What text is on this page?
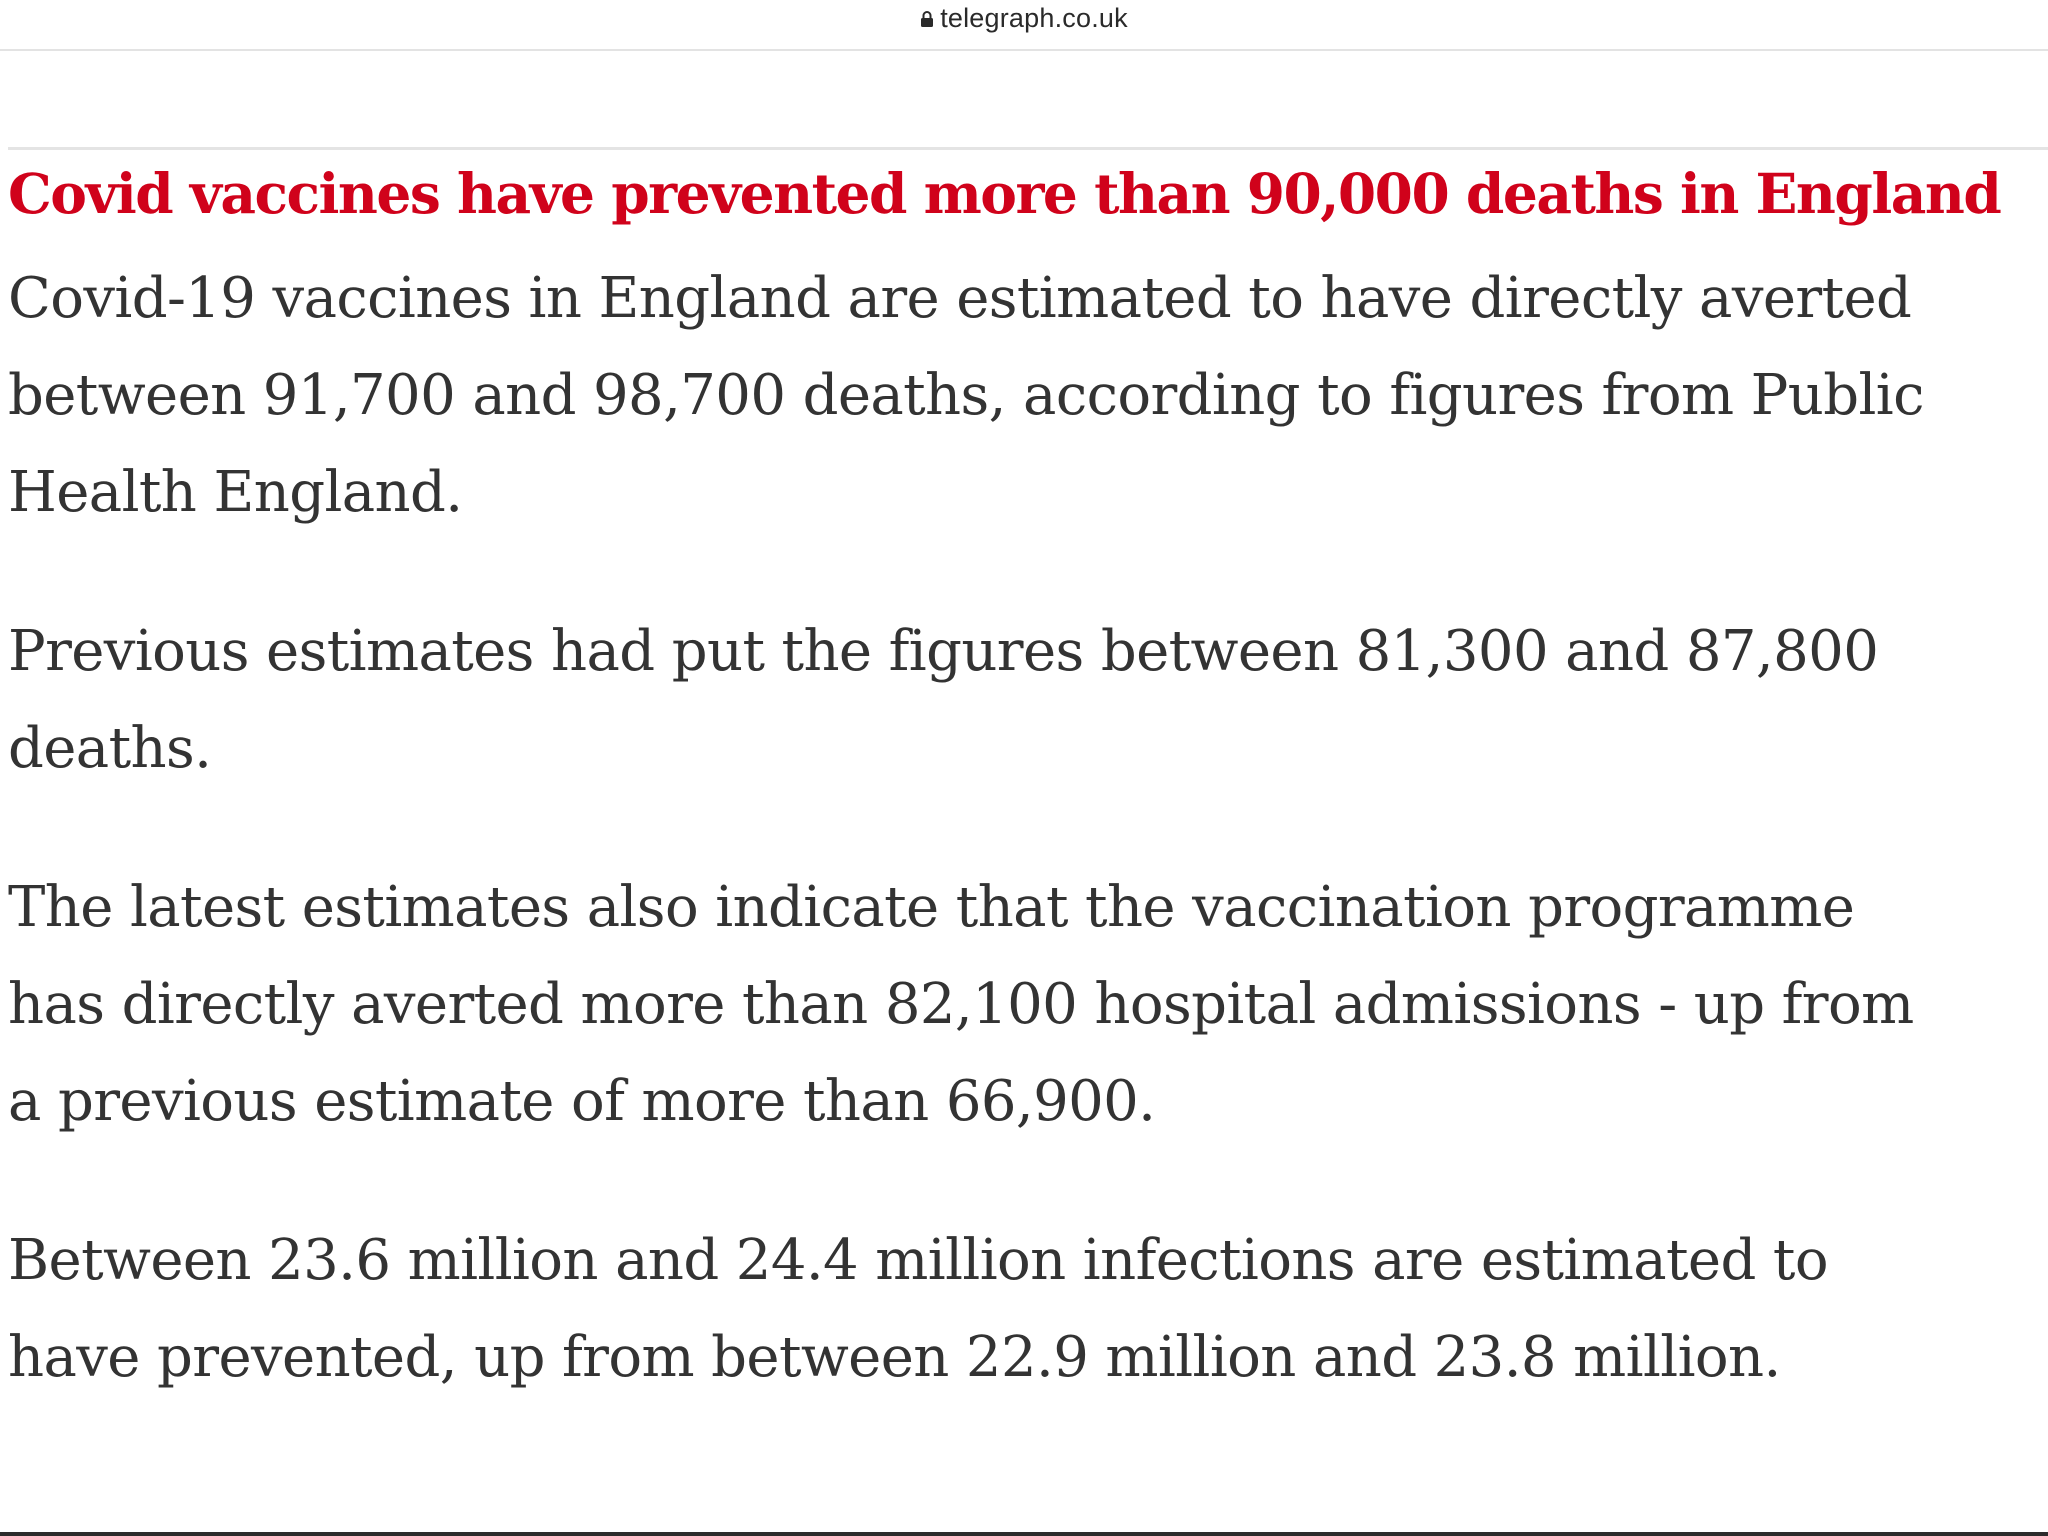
telegraph.co.uk
Covid vaccines have prevented more than 90,000 deaths in England

Covid-19 vaccines in England are estimated to have directly averted
between 91,700 and 98,700 deaths, according to figures from Public
Health England.

Previous estimates had put the figures between 81,300 and 87,800
deaths.

The latest estimates also indicate that the vaccination programme
has directly averted more than 82,100 hospital admissions - up from
a previous estimate of more than 66,900.

Between 23.6 million and 24.4 million infections are estimated to
have prevented, up from between 22.9 million and 23.8 million.
